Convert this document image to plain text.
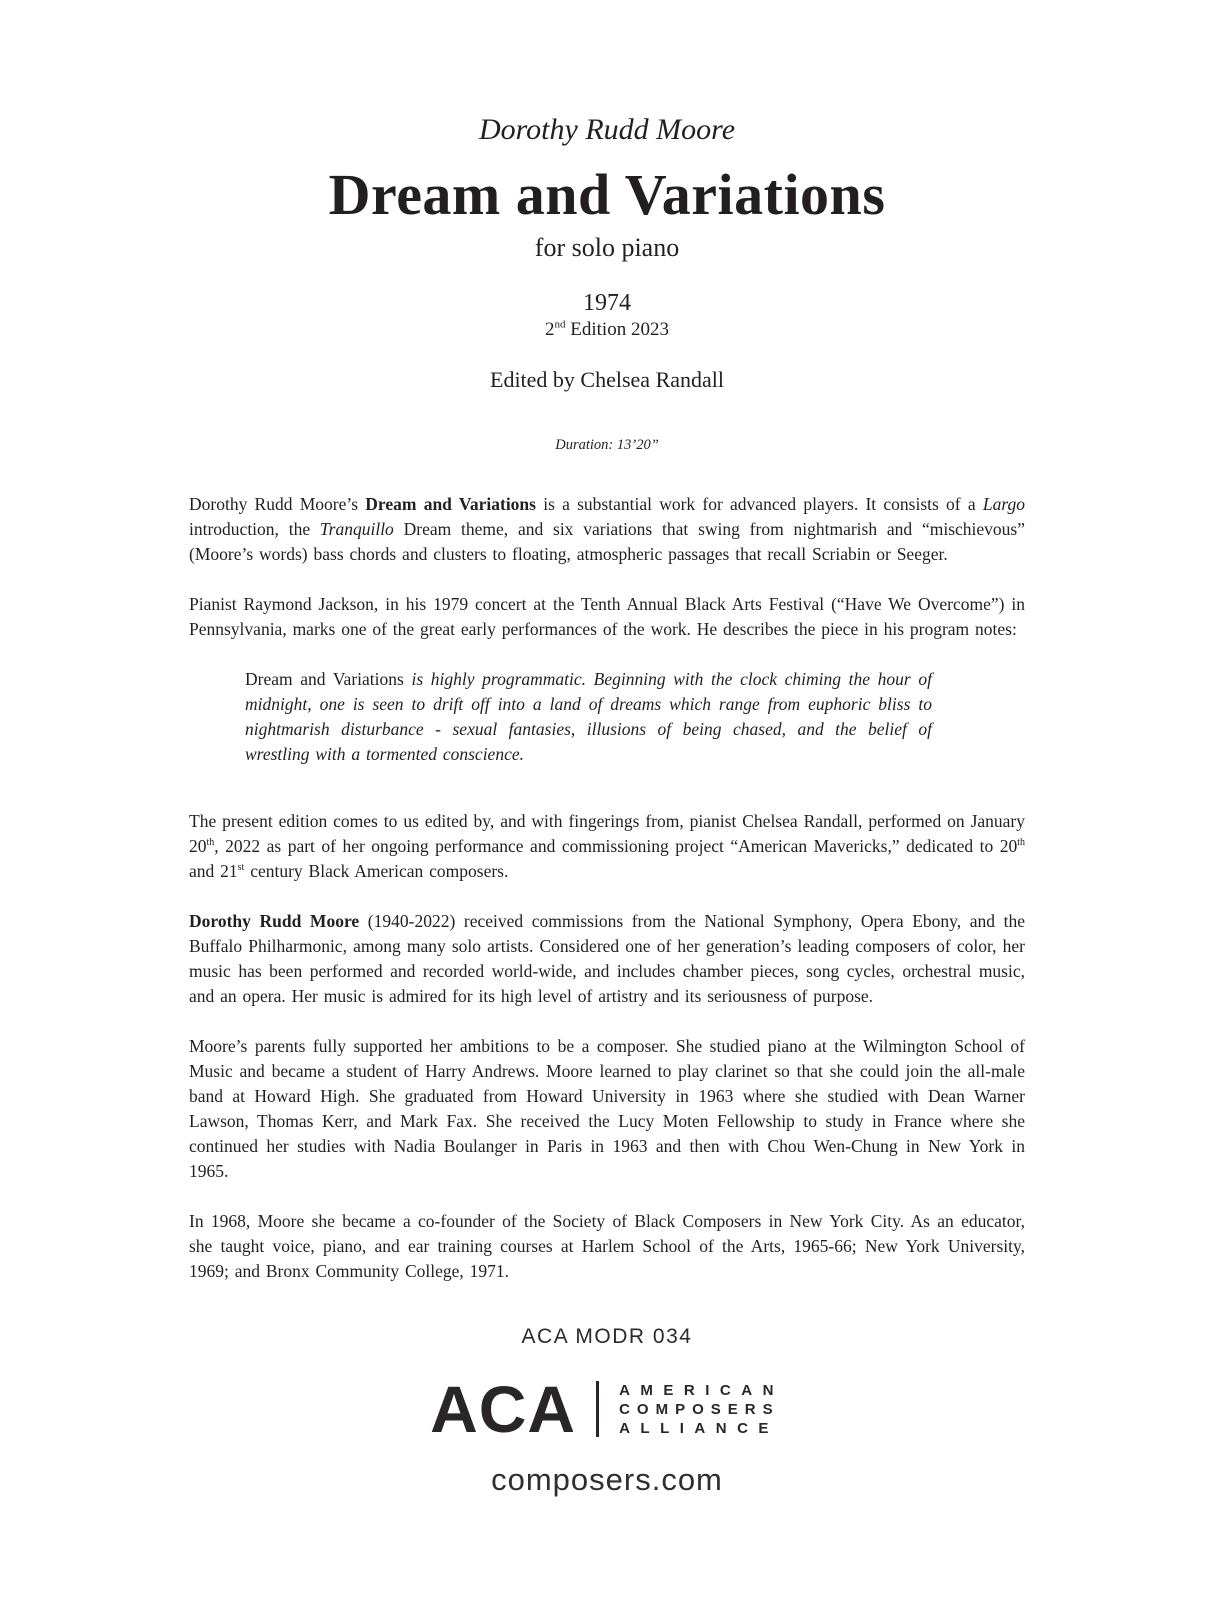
Dorothy Rudd Moore
Dream and Variations
for solo piano
1974
2nd Edition 2023
Edited by Chelsea Randall
Duration: 13’20”

Dorothy Rudd Moore’s Dream and Variations is a substantial work for advanced players. It consists of a Largo introduction, the Tranquillo Dream theme, and six variations that swing from nightmarish and “mischievous” (Moore’s words) bass chords and clusters to floating, atmospheric passages that recall Scriabin or Seeger.

Pianist Raymond Jackson, in his 1979 concert at the Tenth Annual Black Arts Festival (“Have We Overcome”) in Pennsylvania, marks one of the great early performances of the work. He describes the piece in his program notes:

Dream and Variations is highly programmatic. Beginning with the clock chiming the hour of midnight, one is seen to drift off into a land of dreams which range from euphoric bliss to nightmarish disturbance - sexual fantasies, illusions of being chased, and the belief of wrestling with a tormented conscience.

The present edition comes to us edited by, and with fingerings from, pianist Chelsea Randall, performed on January 20th, 2022 as part of her ongoing performance and commissioning project “American Mavericks,” dedicated to 20th and 21st century Black American composers.

Dorothy Rudd Moore (1940-2022) received commissions from the National Symphony, Opera Ebony, and the Buffalo Philharmonic, among many solo artists. Considered one of her generation’s leading composers of color, her music has been performed and recorded world-wide, and includes chamber pieces, song cycles, orchestral music, and an opera. Her music is admired for its high level of artistry and its seriousness of purpose.

Moore’s parents fully supported her ambitions to be a composer. She studied piano at the Wilmington School of Music and became a student of Harry Andrews. Moore learned to play clarinet so that she could join the all-male band at Howard High. She graduated from Howard University in 1963 where she studied with Dean Warner Lawson, Thomas Kerr, and Mark Fax. She received the Lucy Moten Fellowship to study in France where she continued her studies with Nadia Boulanger in Paris in 1963 and then with Chou Wen-Chung in New York in 1965.

In 1968, Moore she became a co-founder of the Society of Black Composers in New York City. As an educator, she taught voice, piano, and ear training courses at Harlem School of the Arts, 1965-66; New York University, 1969; and Bronx Community College, 1971.

ACA MODR 034
ACA	AMERICAN
COMPOSERS
ALLIANCE
composers.com
